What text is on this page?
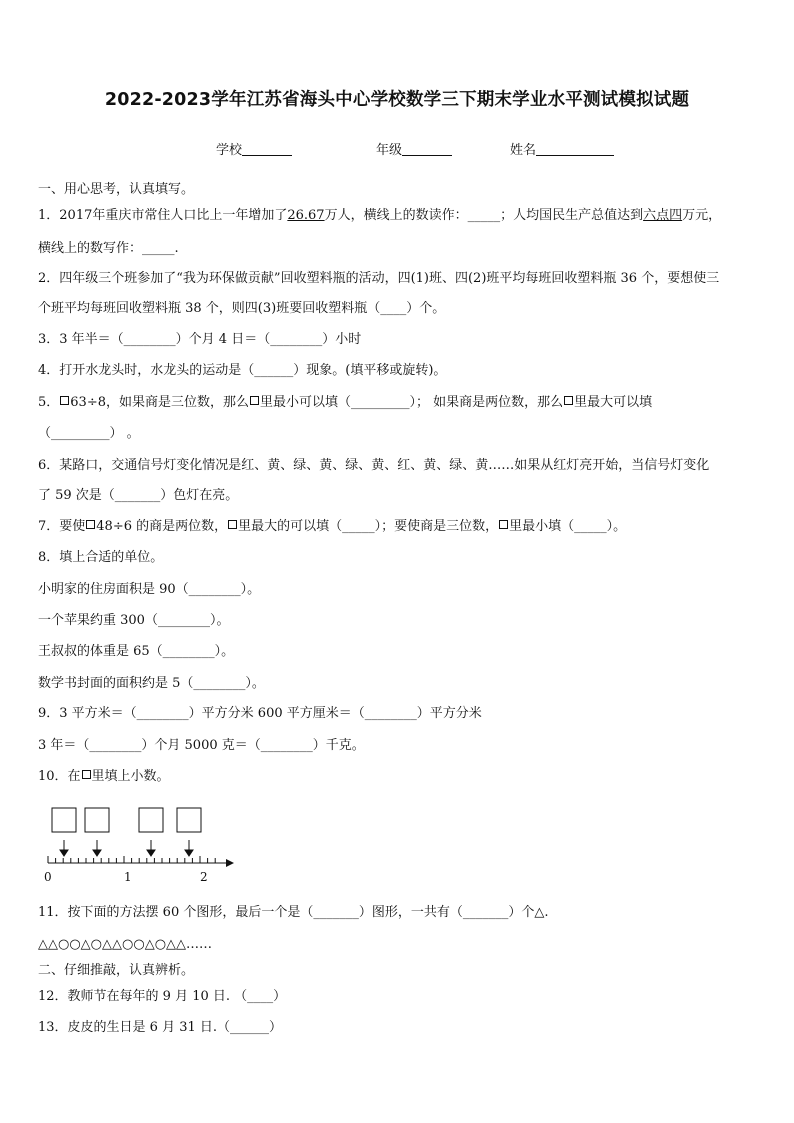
2022-2023学年江苏省海头中心学校数学三下期末学业水平测试模拟试题
学校	年级	姓名
一、用心思考，认真填写。
1．2017年重庆市常住人口比上一年增加了26.67万人，横线上的数读作：_____；人均国民生产总值达到六点四万元，
横线上的数写作：_____.
2．四年级三个班参加了“我为环保做贡献”回收塑料瓶的活动，四(1)班、四(2)班平均每班回收塑料瓶 36 个，要想使三
个班平均每班回收塑料瓶 38 个，则四(3)班要回收塑料瓶（____）个。
3．3 年半＝（________）个月 4 日＝（________）小时
4．打开水龙头时，水龙头的运动是（______）现象。(填平移或旋转)。
5． 63÷8，如果商是三位数，那么 里最小可以填（_________）； 如果商是两位数，那么 里最大可以填
（_________） 。
6．某路口，交通信号灯变化情况是红、黄、绿、黄、绿、黄、红、黄、绿、黄……如果从红灯亮开始，当信号灯变化
了 59 次是（_______）色灯在亮。
7．要使 48÷6 的商是两位数， 里最大的可以填（_____）；要使商是三位数， 里最小填（_____）。
8．填上合适的单位。
小明家的住房面积是 90（________）。
一个苹果约重 300（________）。
王叔叔的体重是 65（________）。
数学书封面的面积约是 5（________）。
9．3 平方米＝（________）平方分米 600 平方厘米＝（________）平方分米
3 年＝（________）个月 5000 克＝（________）千克。
10．在 里填上小数。
0	1	2
11．按下面的方法摆 60 个图形，最后一个是（_______）图形，一共有（_______）个△.
△△○○△○△△○○△○△△……
二、仔细推敲，认真辨析。
12．教师节在每年的 9 月 10 日. （____）
13．皮皮的生日是 6 月 31 日.（______）
